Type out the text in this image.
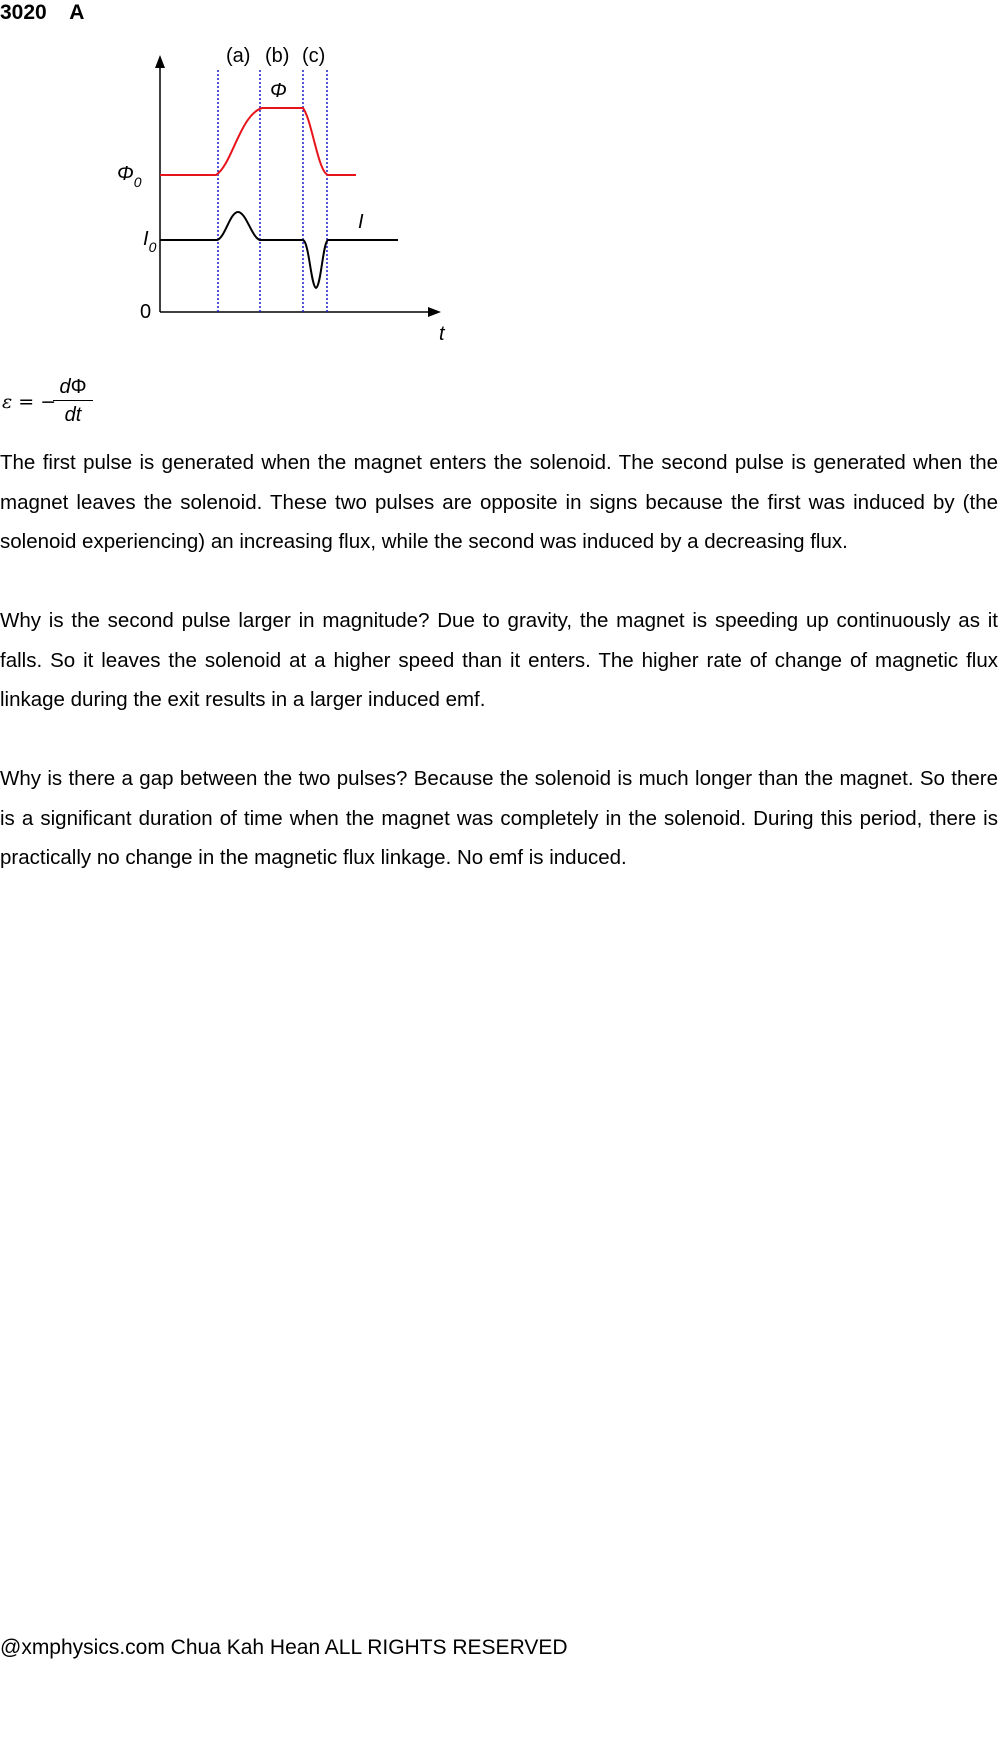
3020 A
(a) (b) (c)
Φ
$\Phi_0$
$I_0$
I
0
t
ε = −
dΦ
dt

The first pulse is generated when the magnet enters the solenoid. The second pulse is generated when the magnet leaves the solenoid. These two pulses are opposite in signs because the first was induced by (the solenoid experiencing) an increasing flux, while the second was induced by a decreasing flux.

Why is the second pulse larger in magnitude? Due to gravity, the magnet is speeding up continuously as it falls. So it leaves the solenoid at a higher speed than it enters. The higher rate of change of magnetic flux linkage during the exit results in a larger induced emf.

Why is there a gap between the two pulses? Because the solenoid is much longer than the magnet. So there is a significant duration of time when the magnet was completely in the solenoid. During this period, there is practically no change in the magnetic flux linkage. No emf is induced.

@xmphysics.com Chua Kah Hean ALL RIGHTS RESERVED
